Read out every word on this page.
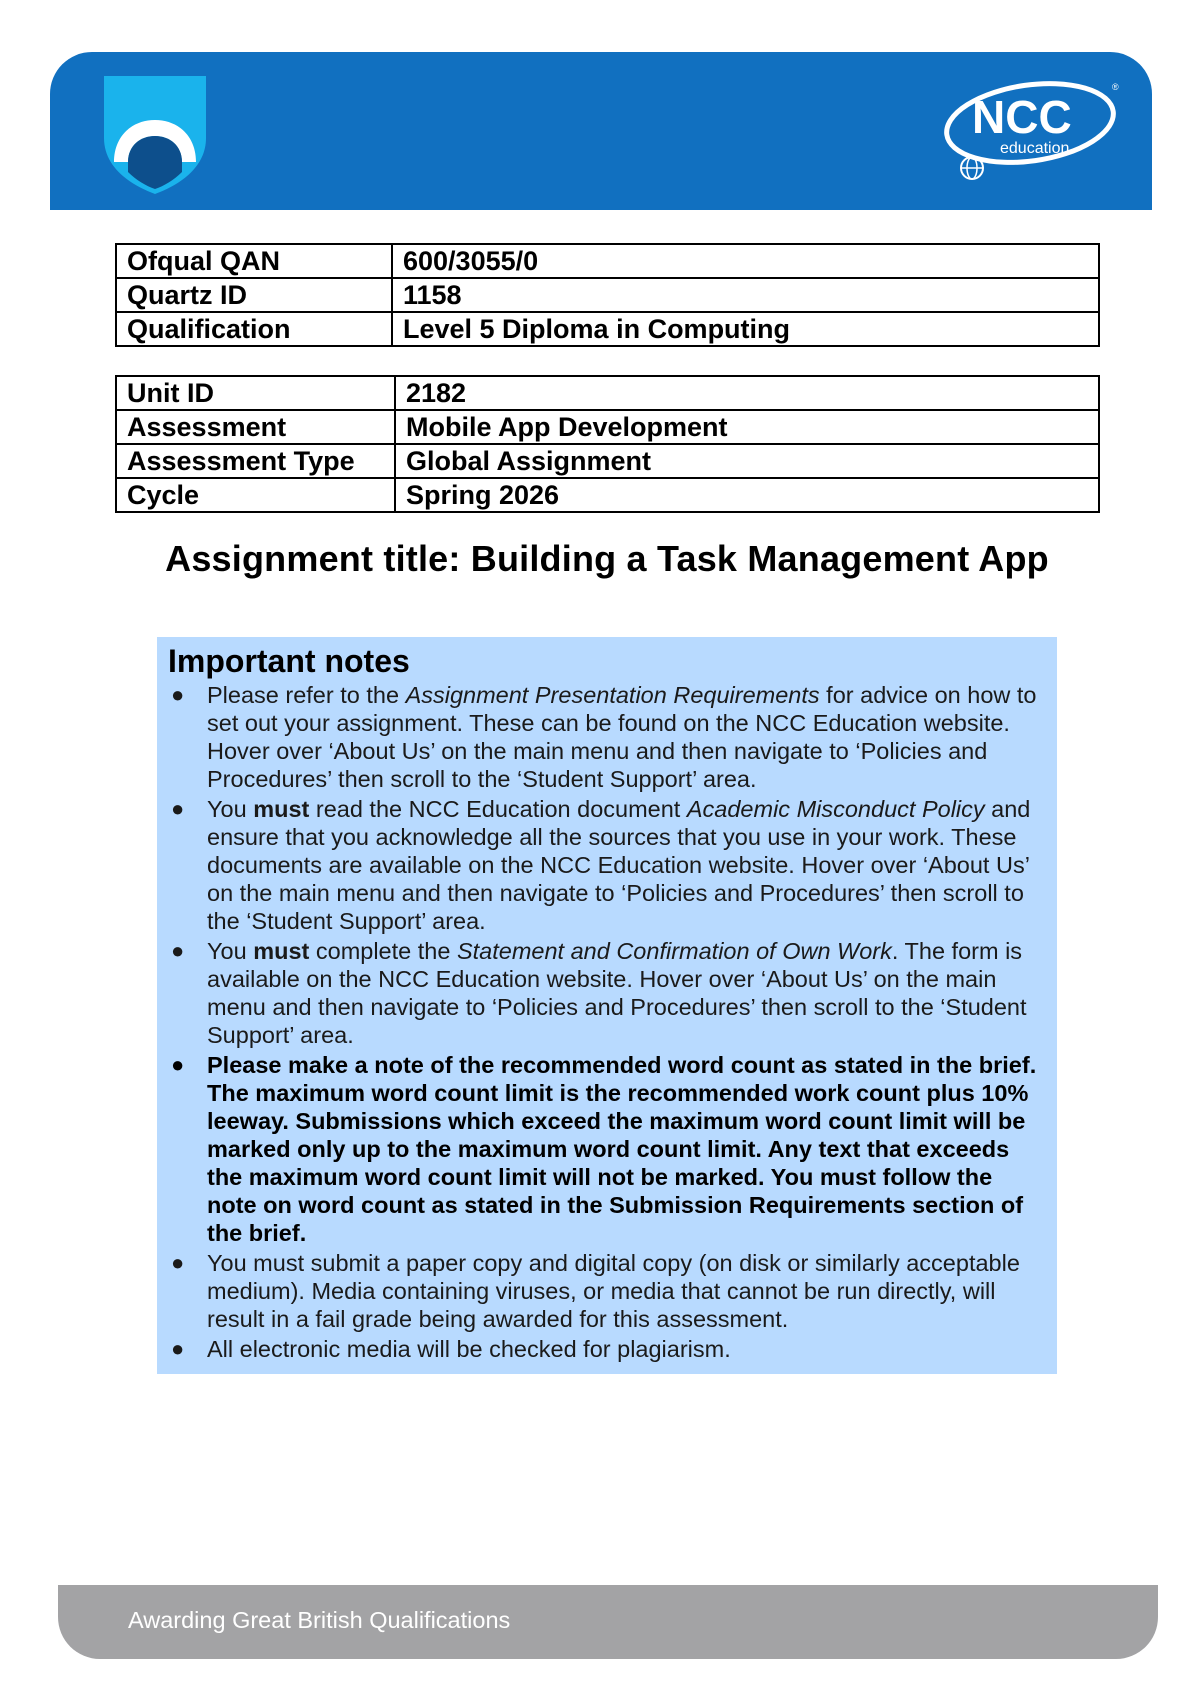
NCC
education
®
Ofqual QAN	600/3055/0
Quartz ID	1158
Qualification	Level 5 Diploma in Computing
Unit ID	2182
Assessment	Mobile App Development
Assessment Type	Global Assignment
Cycle	Spring 2026
Assignment title: Building a Task Management App
Important notes
● Please refer to the Assignment Presentation Requirements for advice on how to set out your assignment. These can be found on the NCC Education website. Hover over ‘About Us’ on the main menu and then navigate to ‘Policies and Procedures’ then scroll to the ‘Student Support’ area.
● You must read the NCC Education document Academic Misconduct Policy and ensure that you acknowledge all the sources that you use in your work. These documents are available on the NCC Education website. Hover over ‘About Us’ on the main menu and then navigate to ‘Policies and Procedures’ then scroll to the ‘Student Support’ area.
● You must complete the Statement and Confirmation of Own Work. The form is available on the NCC Education website. Hover over ‘About Us’ on the main menu and then navigate to ‘Policies and Procedures’ then scroll to the ‘Student Support’ area.
● Please make a note of the recommended word count as stated in the brief. The maximum word count limit is the recommended work count plus 10% leeway. Submissions which exceed the maximum word count limit will be marked only up to the maximum word count limit. Any text that exceeds the maximum word count limit will not be marked. You must follow the note on word count as stated in the Submission Requirements section of the brief.
● You must submit a paper copy and digital copy (on disk or similarly acceptable medium). Media containing viruses, or media that cannot be run directly, will result in a fail grade being awarded for this assessment.
● All electronic media will be checked for plagiarism.
Awarding Great British Qualifications
